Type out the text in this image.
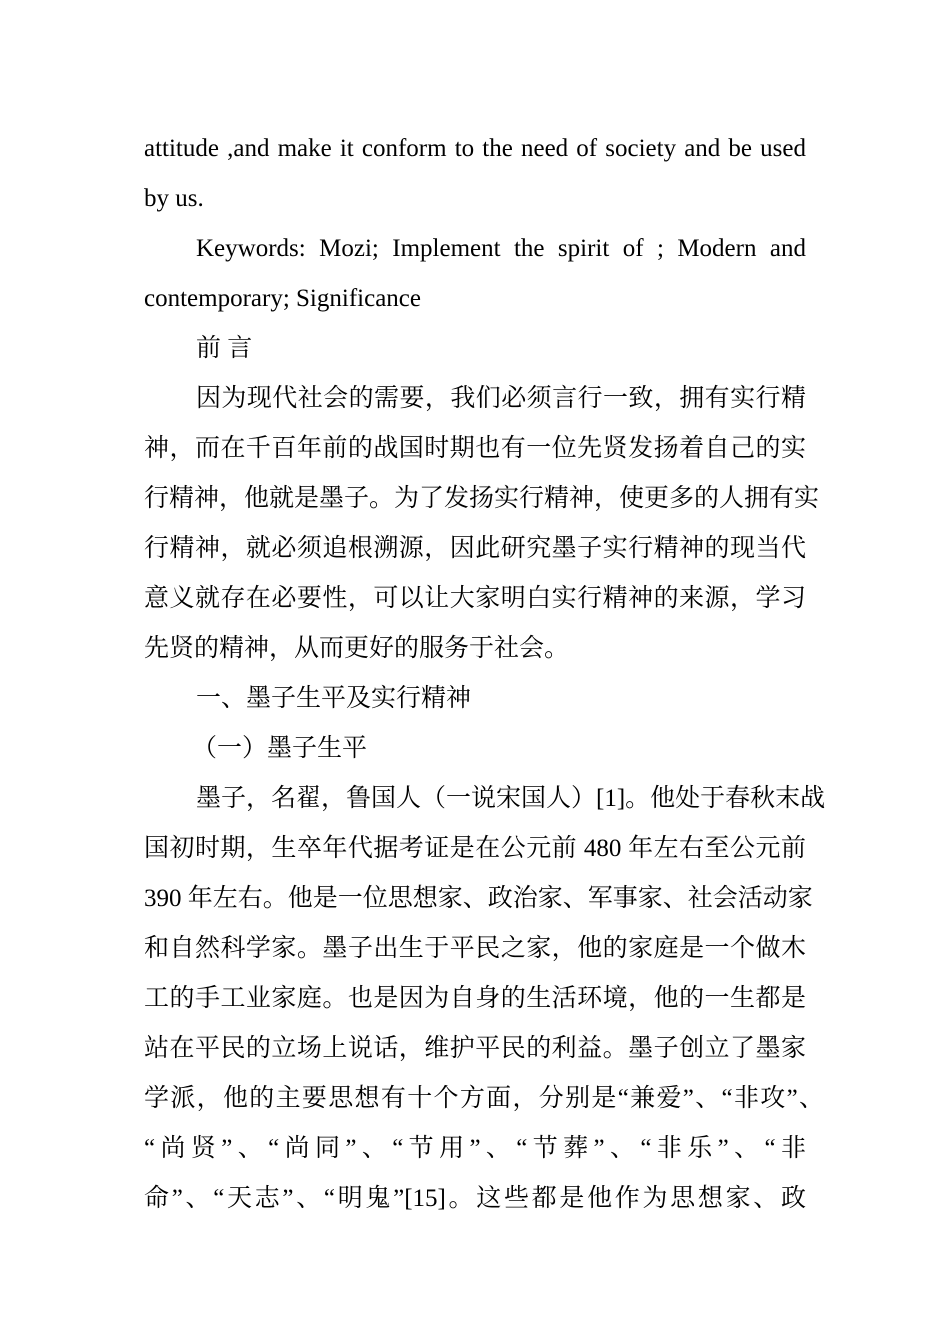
attitude ,and make it conform to the need of society and be used
by us.
Keywords: Mozi; Implement the spirit of ; Modern and
contemporary; Significance
前 言
因为现代社会的需要，我们必须言行一致，拥有实行精
神，而在千百年前的战国时期也有一位先贤发扬着自己的实
行精神，他就是墨子。为了发扬实行精神，使更多的人拥有实
行精神，就必须追根溯源，因此研究墨子实行精神的现当代
意义就存在必要性，可以让大家明白实行精神的来源，学习
先贤的精神，从而更好的服务于社会。
一、墨子生平及实行精神
（一）墨子生平
墨子，名翟，鲁国人（一说宋国人）[1]。他处于春秋末战
国初时期，生卒年代据考证是在公元前 480 年左右至公元前
390 年左右。他是一位思想家、政治家、军事家、社会活动家
和自然科学家。墨子出生于平民之家，他的家庭是一个做木
工的手工业家庭。也是因为自身的生活环境，他的一生都是
站在平民的立场上说话，维护平民的利益。墨子创立了墨家
学派，他的主要思想有十个方面，分别是“兼爱”、“非攻”、
“尚贤”、“尚同”、“节用”、“节葬”、“非乐”、“非
命”、“天志”、“明鬼”[15]。这些都是他作为思想家、政
